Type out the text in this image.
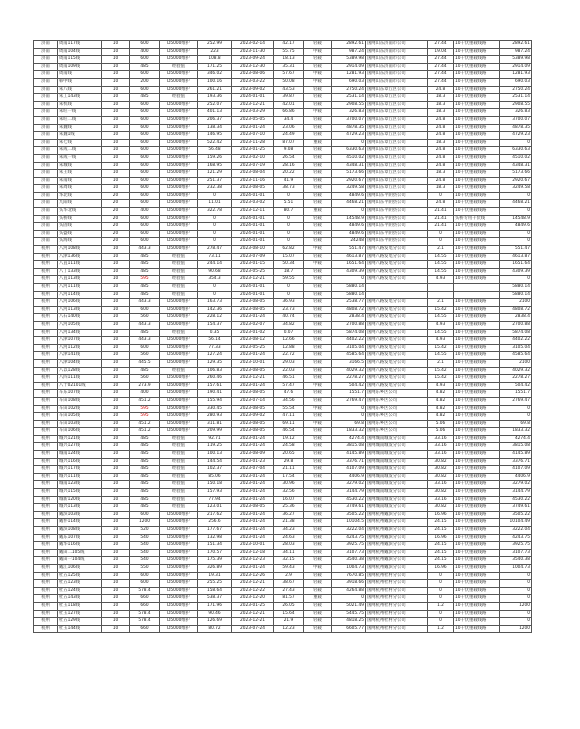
济南	周南117线	10	600	D5000维护	252.99	2023-02-14	42.17	轻载	2892.61	国网山东济南市公司	27.44	10千伏重载线路	2892.61
济南	周南104线	10	400	D5000维护	223	2023-11-30	55.75	中载	987.24	国网山东济南市公司	19.04	10千伏重载线路	987.24
济南	周南115线	10	600	D5000维护	108.8	2023-09-24	18.13	轻载	5389.98	国网山东济南市公司	27.44	10千伏重载线路	5389.98
济南	周南109线	10	485	经验值	171.25	2023-12-30	35.31	轻载	2914.09	国网山东济南市公司	27.44	10千伏重载线路	2914.09
济南	周南线	10	600	D5000维护	346.02	2023-08-06	57.67	中载	1281.93	国网山东济南市公司	27.44	10千伏重载线路	1281.93
济南	韩中线	10	200	D5000维护	100.16	2023-03-22	50.08	中载	690.03	国网山东济南市公司	27.44	10千伏重载线路	690.03
济南	朱八线	10	600	D5000维护	261.21	2023-09-02	43.53	轻载	2750.24	国网山东章丘区公司	24.8	10千伏重载线路	2750.24
济南	朱工143线	10	485	经验值	193.36	2024-01-01	39.87	轻载	2531.14	国网山东章丘区公司	18.3	10千伏重载线路	2531.14
济南	朱机线	10	600	D5000维护	252.07	2023-12-21	42.01	轻载	2908.55	国网山东章丘区公司	18.3	10千伏重载线路	2908.55
济南	朱旺一线	10	600	D5000维护	401.13	2023-03-29	66.86	中载	326.83	国网山东章丘区公司	18.3	10千伏重载线路	326.83
济南	朱旺二线	10	600	D5000维护	206.37	2023-05-05	34.4	轻载	3700.07	国网山东章丘区公司	24.8	10千伏重载线路	3700.07
济南	朱魏线	10	600	D5000维护	138.34	2023-01-24	23.06	轻载	4878.35	国网山东章丘区公司	24.8	10千伏重载线路	4878.35
济南	朱魏1线	10	600	D5000维护	146.95	2023-07-10	24.49	轻载	4729.23	国网山东章丘区公司	24.8	10千伏重载线路	4729.23
济南	朱七线	10	600	D5000维护	522.42	2023-11-28	87.07	重载	0	国网山东章丘区公司	18.3	10千伏重载线路	0
济南	朱成二线	10	600	D5000维护	56.48	2023-01-25	9.08	轻载	6330.63	国网山东章丘区公司	24.8	10千伏重载线路	6330.63
济南	朱成一线	10	600	D5000维护	159.26	2023-02-10	26.54	轻载	4510.02	国网山东章丘区公司	24.8	10千伏重载线路	4510.02
济南	朱城线	10	600	D5000维护	168.95	2023-07-19	28.16	轻载	4348.31	国网山东章丘区公司	24.8	10千伏重载线路	4348.31
济南	朱王线	10	600	D5000维护	121.29	2023-08-04	20.22	轻载	5173.66	国网山东章丘区公司	18.3	10千伏重载线路	5173.66
济南	朱南线	10	600	D5000维护	251.37	2023-11-16	41.9	轻载	2920.67	国网山东章丘区公司	24.8	10千伏重载线路	2920.67
济南	朱周线	10	600	D5000维护	232.38	2023-08-05	38.73	轻载	3249.58	国网山东章丘区公司	18.3	10千伏重载线路	3249.58
济南	华北线	20	600	D5000维护	0	2024-01-01	0	轻载	4849.6	国网山东平阴县公司	0	10千伏重载线路	0
济南	九阳线	20	600	D5000维护	11.01	2023-03-02	5.51	轻载	4468.21	国网山东平阴县公司	24.8	10千伏重载线路	4468.21
济南	头华北线	20	400	D5000维护	322.78	2023-12-11	80.7	重载	0	国网山东平阴县公司	21.41	10千伏重载线路	0
济南	头桥线	20	600	D5000维护	0	2024-01-01	0	轻载	14548.9	国网山东平阴县公司	21.41	头桥专用千伏线	14548.9
济南	头固线	20	600	D5000维护	0	2024-01-01	0	轻载	4849.6	国网山东平阴县公司	21.41	10千伏重载线路	4849.6
济南	头盛线	20	600	D5000维护	0	2024-01-01	0	轻载	4849.6	国网山东平阴县公司	0	10千伏重载线路	0
济南	头海线	20	600	D5000维护	0	2024-01-01	0	轻载	24248	国网山东平阴县公司	0	10千伏重载线路	0
杭州	八河108线	10	443.3	D5000维护	278.47	2023-08-10	62.82	中载	551.47	国网八路发电分公司	2.1	10千伏重载线路	551.47
杭州	八津136线	10	485	经验值	73.11	2023-07-09	15.07	轻载	4613.87	国网八路发电分公司	14.55	10千伏重载线路	4613.87
杭州	八直111线	10	485	经验值	244.14	2023-01-15	50.34	中载	1651.64	国网八路发电分公司	14.55	10千伏重载线路	1651.64
杭州	八丁133线	10	485	经验值	90.68	2023-05-25	18.7	轻载	4309.39	国网八路发电分公司	14.55	10千伏重载线路	4309.39
杭州	八直113线	10	595	经验值	354.3	2023-12-21	59.55	轻载	0	国网八路发电分公司	4.93	10千伏重载线路	0
杭州	八河111线	10	485	经验值	0	2024-01-01	0	轻载	5880.14				5880.14
杭州	八河114线	10	485	经验值	0	2024-01-01	0	轻载	5880.14				5880.14
杭州	八河106线	10	443.3	D5000维护	163.73	2023-08-05	36.93	轻载	2538.77	国网八路发电分公司	2.1	10千伏重载线路	2100
杭州	八河113线	10	600	D5000维护	142.36	2023-08-05	23.73	轻载	4808.72	国网八路发电分公司	15.42	10千伏重载线路	4808.72
杭州	八石140线	10	560	D5000维护	228.12	2023-01-24	40.74	轻载	2838.4	国网八路发电分公司	14.55	10千伏重载线路	2838.4
杭州	八河105线	10	443.3	D5000维护	154.37	2023-02-07	34.82	轻载	2700.88	国网八路发电分公司	4.93	10千伏重载线路	2700.88
杭州	八河134线	10	485	经验值	0.35	2023-01-02	0.07	轻载	5874.08	国网八路发电分公司	14.55	10千伏重载线路	5874.08
杭州	八津107线	10	443.3	D5000维护	56.14	2023-08-12	12.66	轻载	4402.22	国网八路发电分公司	4.93	10千伏重载线路	4402.22
杭州	八河112线	10	600	D5000维护	77.33	2023-05-25	12.88	轻载	3105.04	国网八路发电分公司	15.42	10千伏重载线路	3105.04
杭州	八津141线	10	560	D5000维护	127.24	2023-01-24	22.72	轻载	4585.64	国网八路发电分公司	14.55	10千伏重载线路	4585.64
杭州	八津104线	10	445.5	D5000维护	129.35	2023-10-01	29.03	轻载	3166.5	国网八路发电分公司	2.1	10千伏重载线路	2100
杭州	八以128线	10	485	经验值	106.83	2023-08-05	22.03	轻载	4029.32	国网八路发电分公司	15.42	10千伏重载线路	4029.32
杭州	八四111线	10	560	D5000维护	260.46	2023-12-21	46.51	轻载	2278.27	国网八路发电分公司	15.42	10千伏重载线路	2278.27
杭州	八十02101线	10	273.9	D5000维护	157.61	2023-01-24	57.47	中载	504.42	国网八路发电分公司	4.93	10千伏重载线路	504.42
杭州	车东107线	10	400	D5000维护	190.41	2023-08-05	47.6	轻载	1551.7	国网东乡区公司	4.82	10千伏重载线路	1551.7
杭州	车田108线	10	451.2	D5000维护	155.94	2023-07-14	34.56	轻载	2769.47	国网东乡区公司	4.82	10千伏重载线路	2769.47
杭州	车田102线	10	595	D5000维护	330.45	2023-08-05	55.54	中载	0	国网东乡区公司	4.82	10千伏重载线路	0
杭州	车田105线	10	595	D5000维护	280.93	2023-09-02	47.11	轻载	0	国网东乡区公司	4.82	10千伏重载线路	0
杭州	车田103线	10	451.2	D5000维护	311.81	2023-08-05	69.11	中载	69.8	国网东乡区公司	5.06	10千伏重载线路	69.8
杭州	车田106线	10	451.2	D5000维护	209.99	2023-08-05	46.54	轻载	1833.32	国网东乡区公司	5.06	10千伏重载线路	1833.32
杭州	城兴121线	10	485	经验值	92.71	2023-01-24	19.12	轻载	4274.4	国网城南城发分公司	33.16	10千伏重载线路	4274.4
杭州	城兴127线	10	485	经验值	119.25	2023-01-24	24.58	轻载	3815.08	国网城南城发分公司	33.16	10千伏重载线路	3815.08
杭州	城南124线	10	485	经验值	100.13	2023-08-09	20.65	轻载	4145.89	国网城南城发分公司	33.16	10千伏重载线路	4145.89
杭州	城兴116线	10	485	经验值	144.54	2023-01-23	29.8	轻载	3376.71	国网城南城发分公司	30.82	10千伏重载线路	3376.71
杭州	城兴117线	10	485	经验值	102.37	2023-07-04	21.11	轻载	4107.09	国网城南城发分公司	30.82	10千伏重载线路	4107.09
杭州	城兴111线	10	485	经验值	85.06	2023-01-24	17.54	轻载	4406.9	国网城南城发分公司	30.82	10千伏重载线路	4406.9
杭州	城南123线	10	485	经验值	150.18	2023-01-24	30.96	轻载	3279.02	国网城南城发分公司	33.16	10千伏重载线路	3279.02
杭州	城兴115线	10	485	经验值	157.93	2023-01-24	32.56	轻载	3144.79	国网城南城发分公司	30.82	10千伏重载线路	3144.79
杭州	城新120线	10	485	经验值	77.94	2023-01-24	16.07	轻载	4530.22	国网城南城发分公司	33.16	10千伏重载线路	4530.22
杭州	城兴113线	10	485	经验值	123.01	2023-08-05	25.36	轻载	3749.61	国网城南城发分公司	30.82	10千伏重载线路	3749.61
杭州	戴滨103线	10	600	D5000维护	217.62	2023-01-24	36.27	轻载	3505.22	国网杭州戴滨分公司	16.96	10千伏重载线路	3505.22
杭州	戴件114线	10	1200	D5000维护	256.6	2023-01-24	21.38	轻载	10104.5	国网杭州戴滨分公司	24.15	10千伏重载线路	10104.49
杭州	戴滨108线	10	520	D5000维护	177.67	2023-01-24	34.23	轻载	3222.04	国网杭州戴滨分公司	24.15	10千伏重载线路	3222.04
杭州	戴东107线	10	540	D5000维护	132.98	2023-01-24	24.63	轻载	4243.75	国网杭州戴滨分公司	16.96	10千伏重载线路	4243.75
杭州	戴华116线	10	540	D5000维护	151.34	2023-10-01	28.03	轻载	3925.75	国网杭州戴滨分公司	24.15	10千伏重载线路	3925.75
杭州	戴田二105线	10	540	D5000维护	170.57	2023-12-18	34.11	轻载	3107.73	国网杭州戴滨分公司	24.15	10千伏重载线路	3107.73
杭州	戴田一104线	10	540	D5000维护	175.39	2023-12-23	32.15	轻载	3540.38	国网杭州戴滨分公司	24.15	10千伏重载线路	3540.38
杭州	戴江106线	10	550	D5000维护	326.89	2023-01-24	59.43	中载	1004.73	国网杭州戴滨分公司	16.96	10千伏重载线路	1004.73
杭州	杜五125线	10	600	D5000维护	19.31	2023-12-26	2.9	轻载	7670.85	国网杭州杜村分公司	0	10千伏重载线路	0
杭州	杜五123线	10	600	D5000维护	255.25	2023-12-21	38.67	轻载	3918.66	国网杭州杜村分公司	0	10千伏重载线路	0
杭州	杜五124线	10	578.4	D5000维护	158.64	2023-12-22	27.43	轻载	4264.88	国网杭州杜村分公司	0	10千伏重载线路	0
杭州	杜五143线	10	660	D5000维护	538.37	2023-12-20	81.57	重载	0	国网杭州杜村分公司	0	10千伏重载线路	0
杭州	杜玉118线	10	660	D5000维护	171.96	2023-01-25	26.05	轻载	5021.49	国网杭州杜村分公司	1.2	10千伏重载线路	1200
杭州	杜玉127线	10	578.4	D5000维护	90.46	2023-12-21	15.64	轻载	5445.75	国网杭州杜村分公司	0	10千伏重载线路	0
杭州	杜五129线	10	578.4	D5000维护	126.69	2023-12-21	21.9	轻载	4818.25	国网杭州杜村分公司	0	10千伏重载线路	0
杭州	杜玉144线	10	660	D5000维护	80.72	2023-07-24	12.23	轻载	6605.77	国网杭州杜村分公司	1.2	10千伏重载线路	1200
